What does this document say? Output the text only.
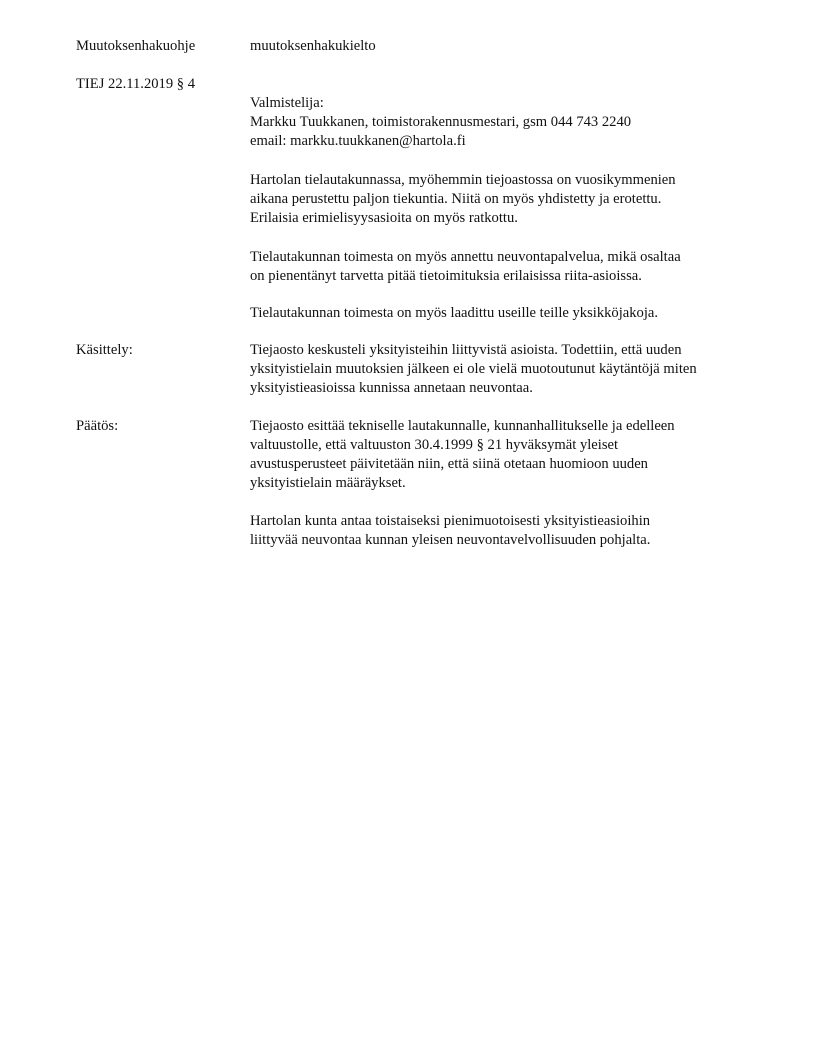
Muutoksenhakuohje	muutoksenhakukielto
TIEJ 22.11.2019 § 4
Valmistelija:
Markku Tuukkanen, toimistorakennusmestari, gsm 044 743 2240
email: markku.tuukkanen@hartola.fi
Hartolan tielautakunnassa, myöhemmin tiejoastossa on vuosikymmenien
aikana perustettu paljon tiekuntia. Niitä on myös yhdistetty ja erotettu.
Erilaisia erimielisyysasioita on myös ratkottu.
Tielautakunnan toimesta on myös annettu neuvontapalvelua, mikä osaltaa
on pienentänyt tarvetta pitää tietoimituksia erilaisissa riita-asioissa.
Tielautakunnan toimesta on myös laadittu useille teille yksikköjakoja.
Käsittely:	Tiejaosto keskusteli yksityisteihin liittyvistä asioista. Todettiin, että uuden
yksityistielain muutoksien jälkeen ei ole vielä muotoutunut käytäntöjä miten
yksityistieasioissa kunnissa annetaan neuvontaa.
Päätös:	Tiejaosto esittää tekniselle lautakunnalle, kunnanhallitukselle ja edelleen
valtuustolle, että valtuuston 30.4.1999 § 21 hyväksymät yleiset
avustusperusteet päivitetään niin, että siinä otetaan huomioon uuden
yksityistielain määräykset.
Hartolan kunta antaa toistaiseksi pienimuotoisesti yksityistieasioihin
liittyvää neuvontaa kunnan yleisen neuvontavelvollisuuden pohjalta.
